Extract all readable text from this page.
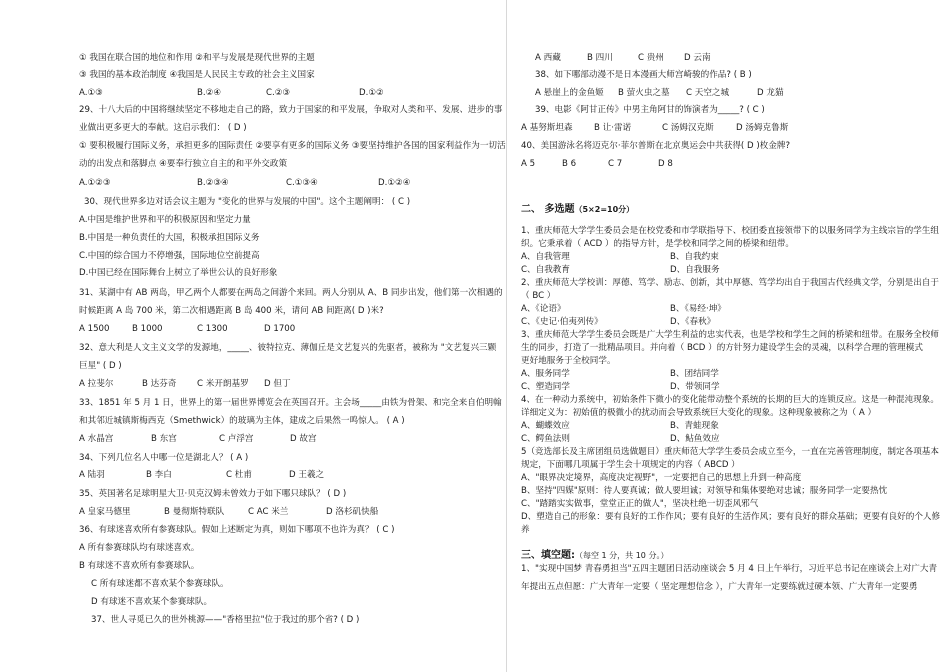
① 我国在联合国的地位和作用 ②和平与发展是现代世界的主题
③ 我国的基本政治制度 ④我国是人民民主专政的社会主义国家
A.①③	B.②④	C.②③	D.①②
29、十八大后的中国将继续坚定不移地走自己的路，致力于国家的和平发展，争取对人类和平、发展、进步的事
业做出更多更大的奉献。这启示我们： ( D )
① 要积极履行国际义务，承担更多的国际责任 ②要享有更多的国际义务 ③要坚持维护各国的国家利益作为一切活
动的出发点和落脚点 ④要奉行独立自主的和平外交政策
A.①②③	B.②③④	C.①③④	D.①②④
30、现代世界多边对话会议主题为 "变化的世界与发展的中国"。这个主题阐明： ( C )
A.中国是维护世界和平的积极原因和坚定力量
B.中国是一种负责任的大国，积极承担国际义务
C.中国的综合国力不停增强，国际地位空前提高
D.中国已经在国际舞台上树立了举世公认的良好形象
31、某湖中有 AB 两岛，甲乙两个人都要在两岛之间游个来回。两人分别从 A、B 同步出发，他们第一次相遇的
时候距离 A 岛 700 米，第二次相遇距离 B 岛 400 米，请问 AB 间距离( D )米?
A 1500	B 1000	C 1300	D 1700
32、意大利是人文主义文学的发源地，_____、彼特拉克、薄伽丘是文艺复兴的先驱者，被称为 "文艺复兴三颗
巨星" ( D )
A 拉斐尔	B 达芬奇 C 米开朗基罗 D 但丁
33、1851 年 5 月 1 日，世界上的第一届世界博览会在英国召开。主会场_____由铁为骨架、和完全来自伯明翰
和其邻近城镇斯梅西克（Smethwick）的玻璃为主体，建成之后果然一鸣惊人。 ( A )
A 水晶宫	B 东宫	C 卢浮宫	D 故宫
34、下列几位名人中哪一位是湖北人？ ( A )
A 陆羽	B 李白	C 杜甫	D 王羲之
35、英国著名足球明星大卫·贝克汉姆未曾效力于如下哪只球队？ ( D )
A 皇家马德里	B 曼彻斯特联队	C AC 米兰	D 洛杉矶快船
36、有球迷喜欢所有参赛球队。假如上述断定为真，则如下哪项不也许为真？ ( C )
A 所有参赛球队均有球迷喜欢。
B 有球迷不喜欢所有参赛球队。
C 所有球迷都不喜欢某个参赛球队。
D 有球迷不喜欢某个参赛球队。
37、世人寻觅已久的世外桃源——"香格里拉"位于我过的那个省? ( D )
A 西藏	B 四川	C 贵州 D 云南
38、如下哪部动漫不是日本漫画大师宫崎骏的作品? ( B )
A 悬崖上的金鱼姬 B 萤火虫之墓 C 天空之城	D 龙猫
39、电影《阿甘正传》中男主角阿甘的饰演者为_____? ( C )
A 基努斯坦森 B 让·雷诺	C 汤姆汉克斯	D 汤姆克鲁斯
40、美国游泳名将迈克尔·菲尔普斯在北京奥运会中共获得( D )枚金牌?
A 5	B 6	C 7	D 8
二、 多选题（5×2=10分）
1、重庆师范大学学生委员会是在校党委和市学联指导下、校团委直接领带下的以服务同学为主线宗旨的学生组
织。它秉承着（ ACD ）的指导方针，是学校和同学之间的桥梁和纽带。
A、自我管理	B、自我约束
C、自我教育	D、自我服务
2、重庆师范大学校训：厚德、笃学、励志、创新，其中厚德、笃学均出自于我国古代经典文学，分别是出自于
（ BC ）
A、《论语》	B、《易经·坤》
C、《史记·伯夷列传》	D、《春秋》
3、重庆师范大学学生委员会既是广大学生利益的忠实代表，也是学校和学生之间的桥梁和纽带。在服务全校师
生的同步，打造了一批精品项目。并向着（ BCD ）的方针努力建设学生会的灵魂，以科学合理的管理模式
更好地服务于全校同学。
A、服务同学	B、团结同学
C、塑造同学	D、带领同学
4、在一种动力系统中，初始条件下微小的变化能带动整个系统的长期的巨大的连锁反应。这是一种混沌现象。
详细定义为：初始值的极微小的扰动而会导致系统巨大变化的现象。这种现象被称之为（ A ）
A、蝴蝶效应	B、青蛙现象
C、鳄鱼法则	D、鲇鱼效应
5（竞选部长及主席团组员选做题目）重庆师范大学学生委员会成立至今，一直在完善管理制度，制定各项基本
规定，下面哪几项属于学生会十项规定的内容（ ABCD ）
A、"眼界决定境界，高度决定视野"，一定要把自己的思想上升到一种高度
B、坚持"四媒"原则：待人要真诚；做人要坦诚；对领导和集体要绝对忠诚；服务同学一定要热忱
C、"踏踏实实做事，堂堂正正的做人"，坚决杜绝一切歪风邪气
D、塑造自己的形象：要有良好的工作作风；要有良好的生活作风；要有良好的群众基础；更要有良好的个人修
养
三、填空题:（每空 1 分，共 10 分。）
1、"实现中国梦 青春勇担当"五四主题团日活动座谈会 5 月 4 日上午举行，习近平总书记在座谈会上对广大青
年提出五点但愿：广大青年一定要（ 坚定理想信念 ），广大青年一定要练就过硬本领、广大青年一定要勇
